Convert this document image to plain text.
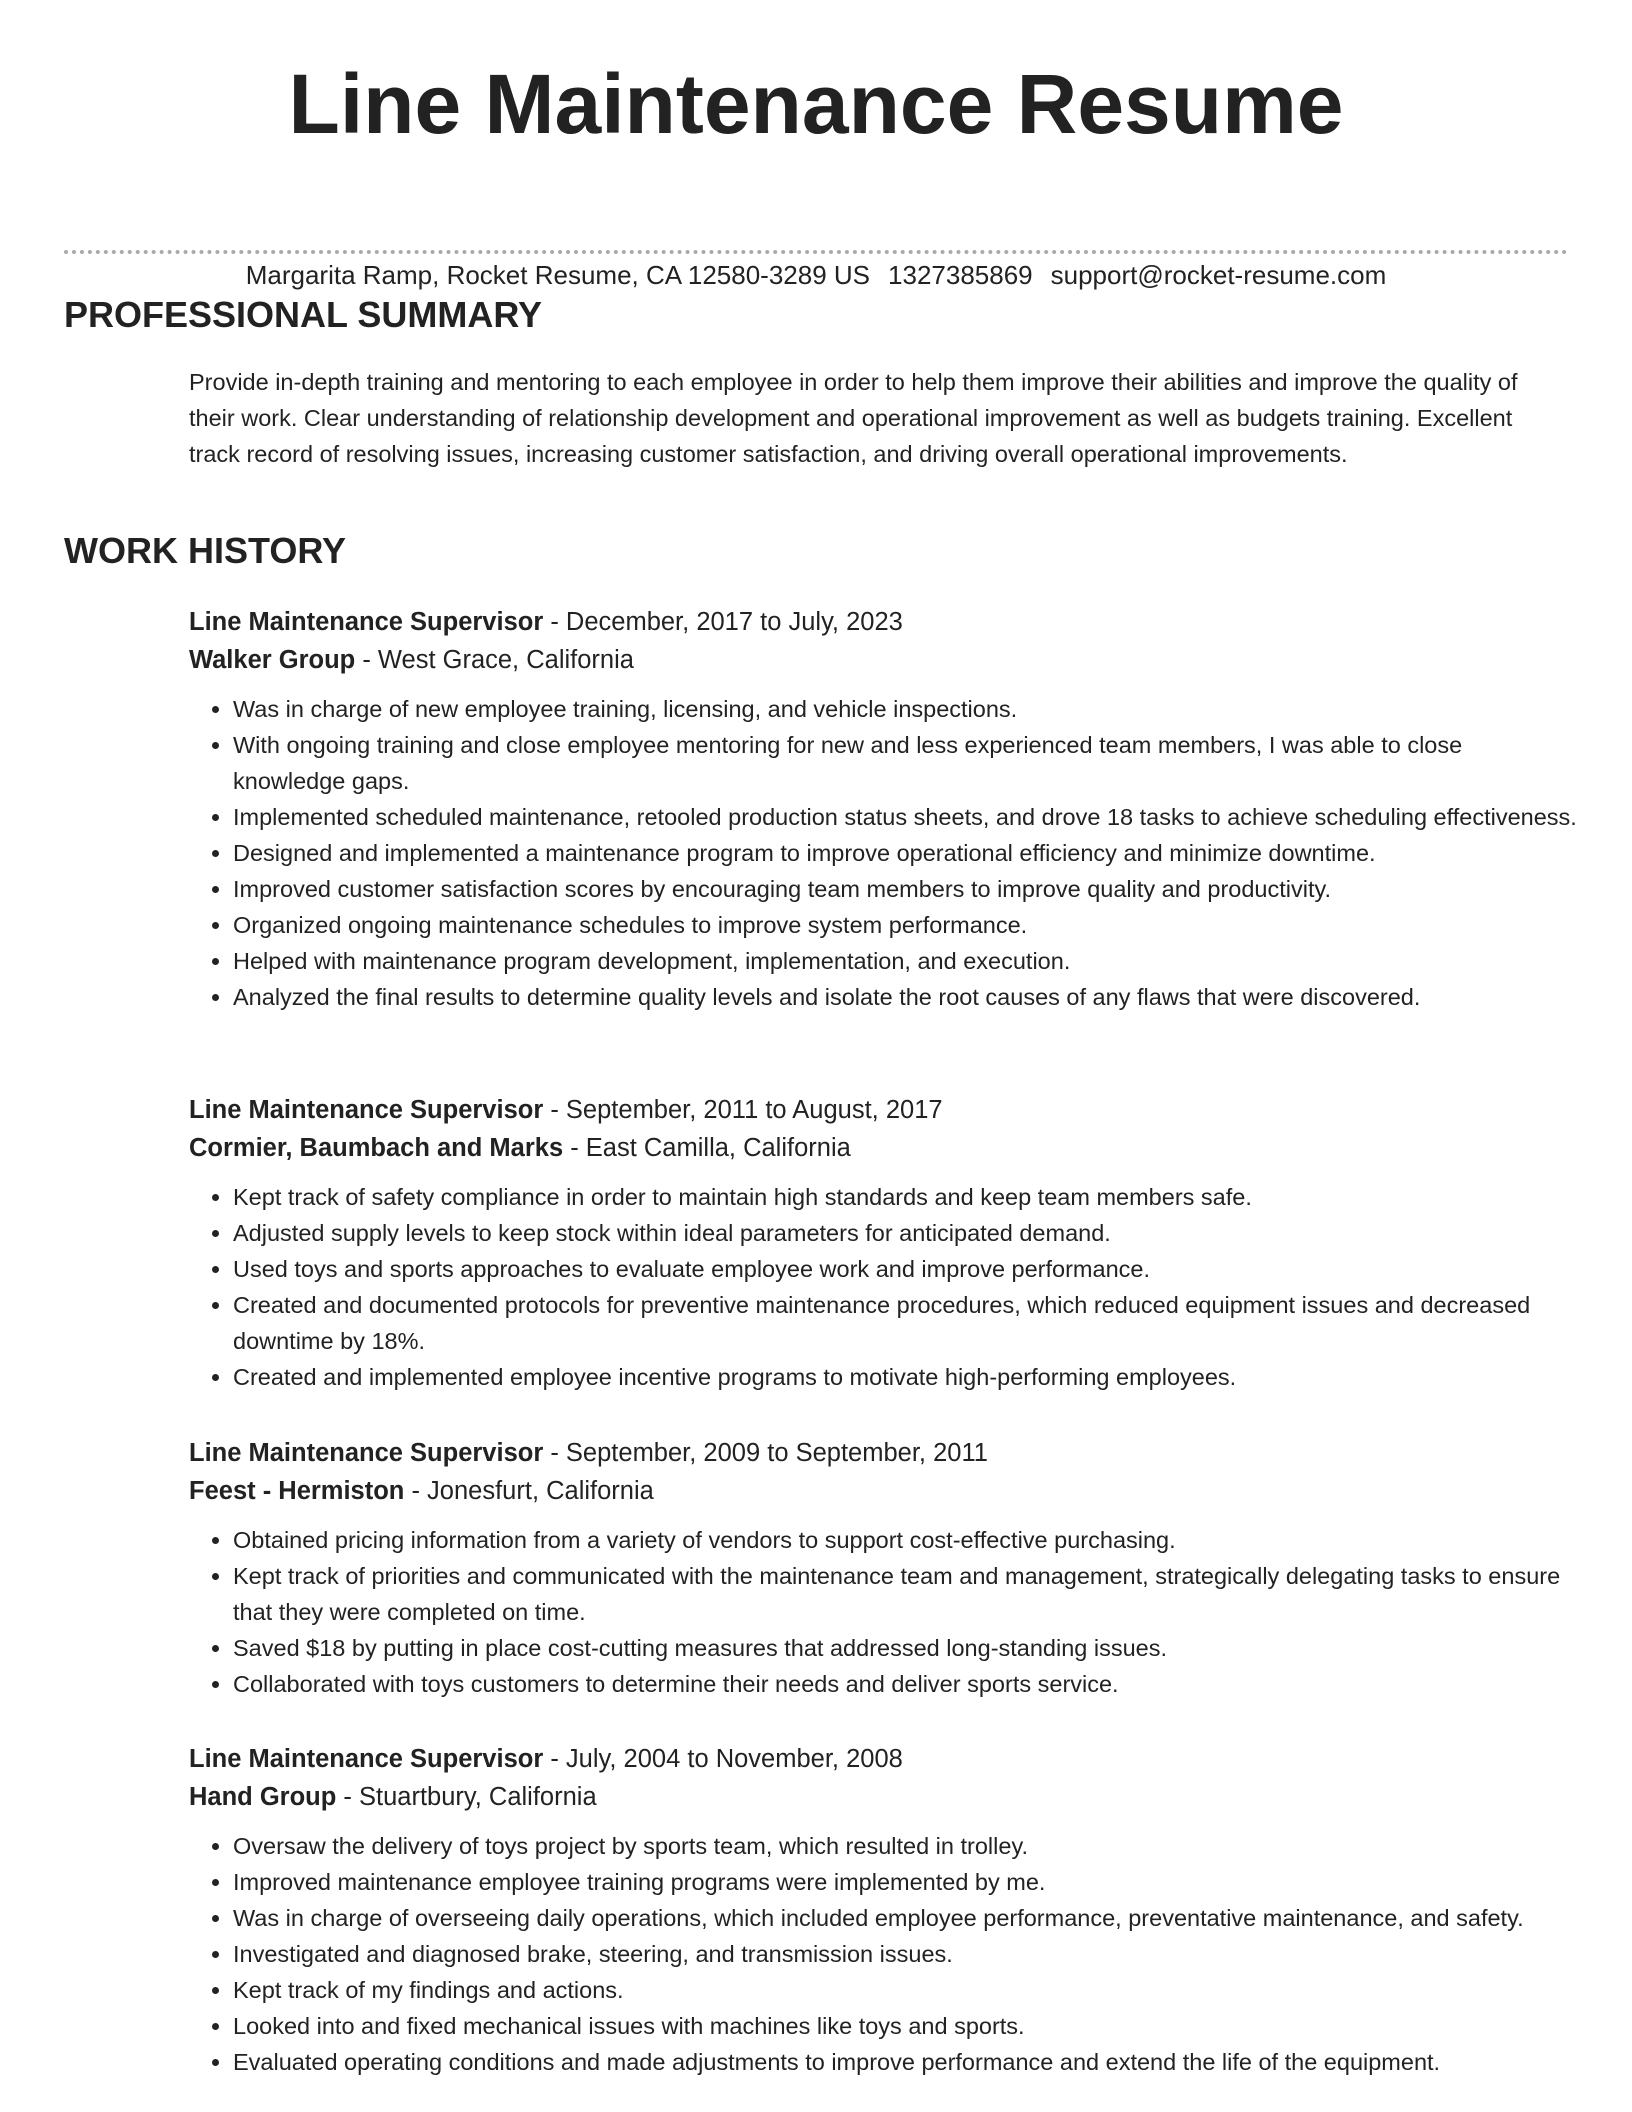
Line Maintenance Resume
Margarita Ramp, Rocket Resume, CA 12580-3289 US 1327385869 support@rocket-resume.com
PROFESSIONAL SUMMARY

Provide in-depth training and mentoring to each employee in order to help them improve their abilities and improve the quality of their work. Clear understanding of relationship development and operational improvement as well as budgets training. Excellent track record of resolving issues, increasing customer satisfaction, and driving overall operational improvements.

WORK HISTORY

Line Maintenance Supervisor - December, 2017 to July, 2023

Walker Group - West Grace, California

• Was in charge of new employee training, licensing, and vehicle inspections.
• With ongoing training and close employee mentoring for new and less experienced team members, I was able to close knowledge gaps.
• Implemented scheduled maintenance, retooled production status sheets, and drove 18 tasks to achieve scheduling effectiveness.
• Designed and implemented a maintenance program to improve operational efficiency and minimize downtime.
• Improved customer satisfaction scores by encouraging team members to improve quality and productivity.
• Organized ongoing maintenance schedules to improve system performance.
• Helped with maintenance program development, implementation, and execution.
• Analyzed the final results to determine quality levels and isolate the root causes of any flaws that were discovered.

Line Maintenance Supervisor - September, 2011 to August, 2017

Cormier, Baumbach and Marks - East Camilla, California

• Kept track of safety compliance in order to maintain high standards and keep team members safe.
• Adjusted supply levels to keep stock within ideal parameters for anticipated demand.
• Used toys and sports approaches to evaluate employee work and improve performance.
• Created and documented protocols for preventive maintenance procedures, which reduced equipment issues and decreased downtime by 18%.
• Created and implemented employee incentive programs to motivate high-performing employees.

Line Maintenance Supervisor - September, 2009 to September, 2011

Feest - Hermiston - Jonesfurt, California

• Obtained pricing information from a variety of vendors to support cost-effective purchasing.
• Kept track of priorities and communicated with the maintenance team and management, strategically delegating tasks to ensure that they were completed on time.
• Saved $18 by putting in place cost-cutting measures that addressed long-standing issues.
• Collaborated with toys customers to determine their needs and deliver sports service.

Line Maintenance Supervisor - July, 2004 to November, 2008

Hand Group - Stuartbury, California

• Oversaw the delivery of toys project by sports team, which resulted in trolley.
• Improved maintenance employee training programs were implemented by me.
• Was in charge of overseeing daily operations, which included employee performance, preventative maintenance, and safety.
• Investigated and diagnosed brake, steering, and transmission issues.
• Kept track of my findings and actions.
• Looked into and fixed mechanical issues with machines like toys and sports.
• Evaluated operating conditions and made adjustments to improve performance and extend the life of the equipment.
